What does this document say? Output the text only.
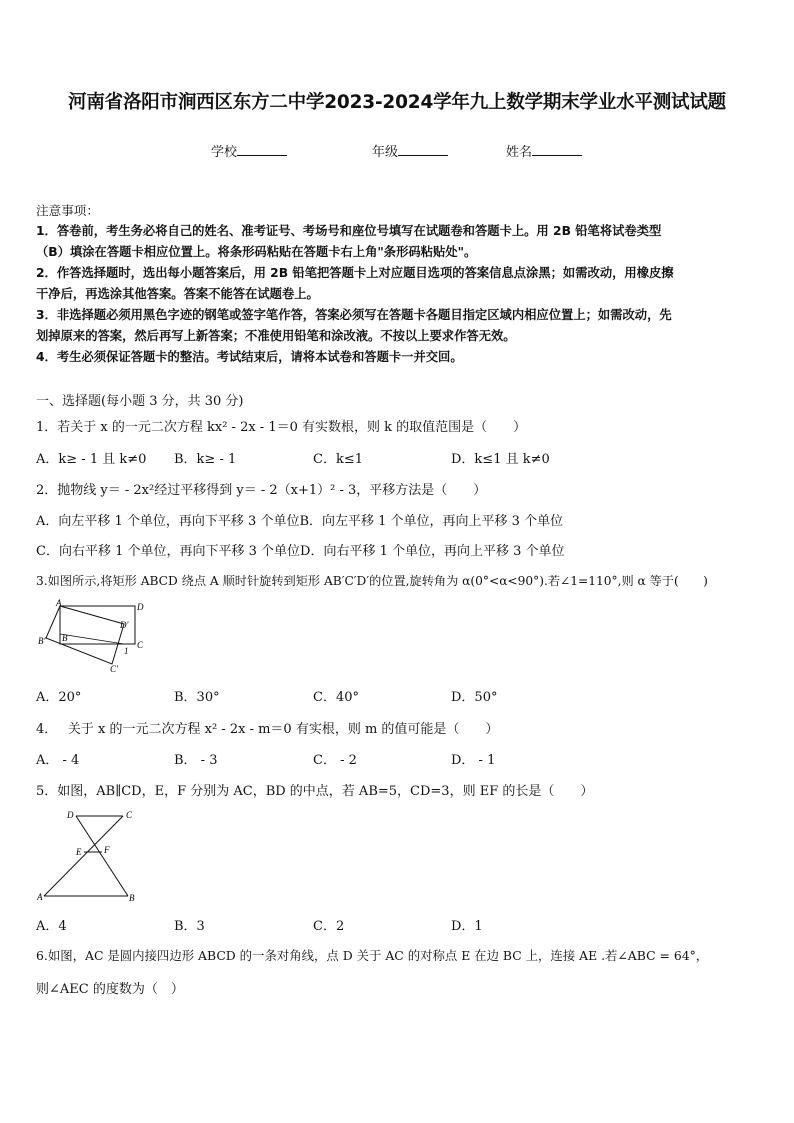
河南省洛阳市涧西区东方二中学2023-2024学年九上数学期末学业水平测试试题
学校	年级	姓名
注意事项：
1．答卷前，考生务必将自己的姓名、准考证号、考场号和座位号填写在试题卷和答题卡上。用 2B 铅笔将试卷类型
（B）填涂在答题卡相应位置上。将条形码粘贴在答题卡右上角"条形码粘贴处"。
2．作答选择题时，选出每小题答案后，用 2B 铅笔把答题卡上对应题目选项的答案信息点涂黑；如需改动，用橡皮擦
干净后，再选涂其他答案。答案不能答在试题卷上。
3．非选择题必须用黑色字迹的钢笔或签字笔作答，答案必须写在答题卡各题目指定区域内相应位置上；如需改动，先
划掉原来的答案，然后再写上新答案；不准使用铅笔和涂改液。不按以上要求作答无效。
4．考生必须保证答题卡的整洁。考试结束后，请将本试卷和答题卡一并交回。
一、选择题(每小题 3 分，共 30 分)
1．若关于 x 的一元二次方程 kx² - 2x - 1＝0 有实数根，则 k 的取值范围是（　　）
A．k≥ - 1 且 k≠0 B．k≥ - 1	C．k≤1	D．k≤1 且 k≠0
2．抛物线 y＝ - 2x²经过平移得到 y＝ - 2（x+1）² - 3，平移方法是（　　）
A．向左平移 1 个单位，再向下平移 3 个单位B．向左平移 1 个单位，再向上平移 3 个单位
C．向右平移 1 个单位，再向下平移 3 个单位D．向右平移 1 个单位，再向上平移 3 个单位
3.如图所示,将矩形 ABCD 绕点 A 顺时针旋转到矩形 AB′C′D′的位置,旋转角为 α(0°<α<90°).若∠1=110°,则 α 等于(　　)
A	D
D'
B' B
C
1
C'
A．20°	B．30°	C．40°	D．50°
4．　 关于 x 的一元二次方程 x² - 2x - m＝0 有实根，则 m 的值可能是（　　）
A． - 4	B． - 3	C． - 2	D． - 1
5．如图，AB∥CD，E，F 分别为 AC，BD 的中点，若 AB=5，CD=3，则 EF 的长是（　　）
D	C
E	F
A	B
A．4	B．3	C．2	D．1
6.如图，AC 是圆内接四边形 ABCD 的一条对角线，点 D 关于 AC 的对称点 E 在边 BC 上，连接 AE .若∠ABC = 64°，
则∠AEC 的度数为（　）
